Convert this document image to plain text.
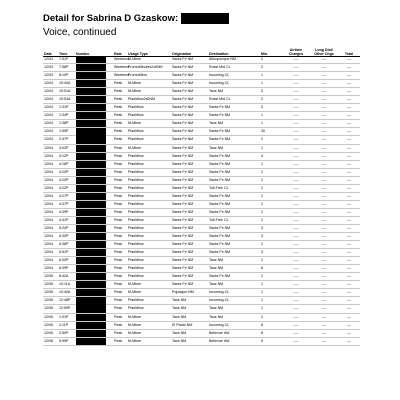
Detail for Sabrina D Gzaskow:
Voice, continued
Date	Time	Number	Rate	Usage Type	Origination	Destination	Min.	Airtime Charges	Long Dist/ Other Chgs	Total
12/03	7:51P		Weekend	M-Mtom	Santa Fe NM	Albuquerque NM	2	----	----	----
12/03	7:58P		Weekend	PromoMinutes2x6NM	Santa Fe NM	Rosst Mid CL	2	----	----	----
12/03	8:10P		Weekend	PromoMinw	Santa Fe NM	Incoming CL	1	----	----	----
12/04	10:40A		Peak	M-Mtom	Santa Fe NM	Incoming CL	1	----	----	----
12/04	10:51A		Peak	M-Mtom	Santa Fe NM	Taos NM	3	----	----	----
12/04	10:53A		Peak	PlanMinw2x6NM	Santa Fe NM	Rosst Mid CL	2	----	----	----
12/04	1:31P		Peak	PlanMinw	Santa Fe NM	Santa Fe NM	3	----	----	----
12/04	1:34P		Peak	PlanMinw	Santa Fe NM	Santa Fe NM	1	----	----	----
12/04	1:38P		Peak	M-Mtom	Santa Fe NM	Taos NM	1	----	----	----
12/04	1:55P		Peak	PlanMinw	Santa Fe NM	Santa Fe NM	30	----	----	----
12/04	2:47P		Peak	PlanMinw	Santa Fe NM	Santa Fe NM	2	----	----	----
12/04	3:03P		Peak	M-Mtom	Santa Fe NM	Taos NM	1	----	----	----
12/04	3:12P		Peak	PlanMinw	Santa Fe NM	Santa Fe NM	4	----	----	----
12/04	4:18P		Peak	PlanMinw	Santa Fe NM	Santa Fe NM	1	----	----	----
12/04	4:20P		Peak	PlanMinw	Santa Fe NM	Santa Fe NM	2	----	----	----
12/04	4:20P		Peak	PlanMinw	Santa Fe NM	Santa Fe NM	2	----	----	----
12/04	4:22P		Peak	PlanMinw	Santa Fe NM	Toll-Free CL	2	----	----	----
12/04	4:27P		Peak	PlanMinw	Santa Fe NM	Santa Fe NM	2	----	----	----
12/04	4:37P		Peak	PlanMinw	Santa Fe NM	Santa Fe NM	2	----	----	----
12/04	4:39P		Peak	PlanMinw	Santa Fe NM	Santa Fe NM	2	----	----	----
12/04	4:41P		Peak	PlanMinw	Santa Fe NM	Toll-Free CL	2	----	----	----
12/04	5:24P		Peak	PlanMinw	Santa Fe NM	Santa Fe NM	3	----	----	----
12/04	5:30P		Peak	PlanMinw	Santa Fe NM	Santa Fe NM	3	----	----	----
12/04	5:38P		Peak	PlanMinw	Santa Fe NM	Santa Fe NM	2	----	----	----
12/04	5:51P		Peak	PlanMinw	Santa Fe NM	Santa Fe NM	3	----	----	----
12/04	6:00P		Peak	PlanMinw	Santa Fe NM	Taos NM	2	----	----	----
12/04	6:39P		Peak	PlanMinw	Santa Fe NM	Taos NM	6	----	----	----
12/05	8:42A		Peak	PlanMinw	Santa Fe NM	Santa Fe NM	2	----	----	----
12/05	10:11A		Peak	M-Mtom	Santa Fe NM	Taos NM	1	----	----	----
12/05	10:40A		Peak	M-Mtom	Pojoaque NM	Incoming CL	1	----	----	----
12/05	12:48P		Peak	PlanMinw	Taos NM	Incoming CL	1	----	----	----
12/05	12:59P		Peak	PlanMinw	Taos NM	Taos NM	1	----	----	----
12/05	1:01P		Peak	M-Mtom	Taos NM	Taos NM	2	----	----	----
12/05	2:11P		Peak	M-Mtom	El Prado NM	Incoming CL	6	----	----	----
12/05	2:50P		Peak	M-Mtom	Taos NM	Bellevue WA	8	----	----	----
12/06	5:55P		Peak	M-Mtom	Taos NM	Bellevue WA	5	----	----	----
